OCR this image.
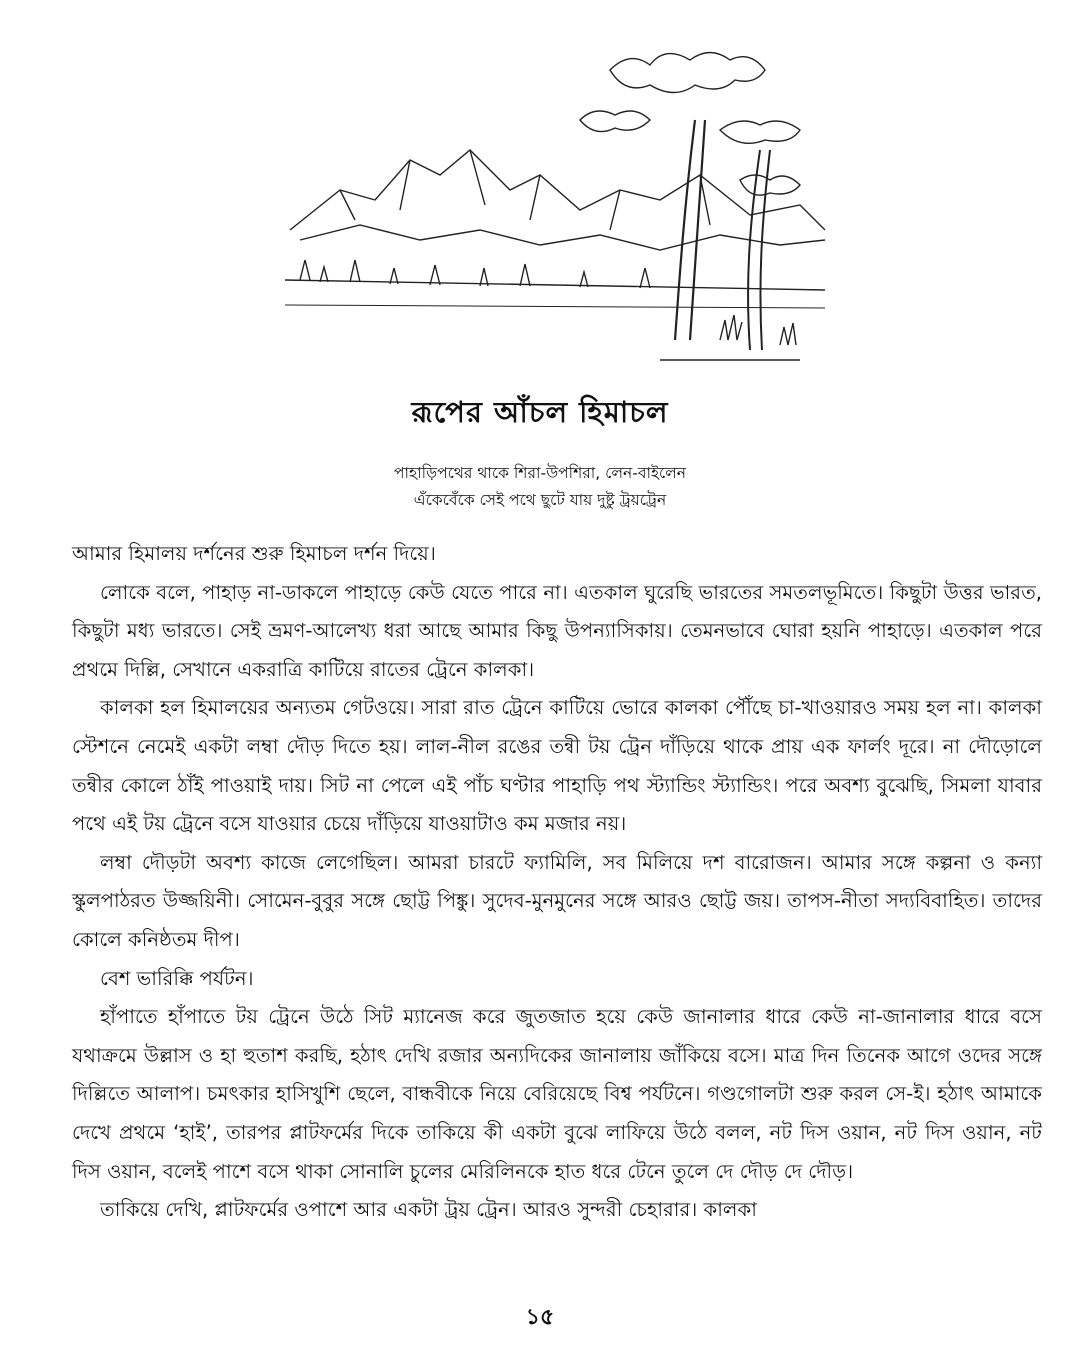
রূপের আঁচল হিমাচল
পাহাড়িপথের থাকে শিরা-উপশিরা, লেন-বাইলেন
এঁকেবেঁকে সেই পথে ছুটে যায় দুষ্টু ট্রয়ট্রেন

আমার হিমালয় দর্শনের শুরু হিমাচল দর্শন দিয়ে।

লোকে বলে, পাহাড় না-ডাকলে পাহাড়ে কেউ যেতে পারে না। এতকাল ঘুরেছি ভারতের সমতলভূমিতে। কিছুটা উত্তর ভারত, কিছুটা মধ্য ভারতে। সেই ভ্রমণ-আলেখ্য ধরা আছে আমার কিছু উপন্যাসিকায়। তেমনভাবে ঘোরা হয়নি পাহাড়ে। এতকাল পরে প্রথমে দিল্লি, সেখানে একরাত্রি কাটিয়ে রাতের ট্রেনে কালকা।

কালকা হল হিমালয়ের অন্যতম গেটওয়ে। সারা রাত ট্রেনে কাটিয়ে ভোরে কালকা পৌঁছে চা-খাওয়ারও সময় হল না। কালকা স্টেশনে নেমেই একটা লম্বা দৌড় দিতে হয়। লাল-নীল রঙের তন্বী টয় ট্রেন দাঁড়িয়ে থাকে প্রায় এক ফার্লং দূরে। না দৌড়োলে তন্বীর কোলে ঠাঁই পাওয়াই দায়। সিট না পেলে এই পাঁচ ঘণ্টার পাহাড়ি পথ স্ট্যান্ডিং স্ট্যান্ডিং। পরে অবশ্য বুঝেছি, সিমলা যাবার পথে এই টয় ট্রেনে বসে যাওয়ার চেয়ে দাঁড়িয়ে যাওয়াটাও কম মজার নয়।

লম্বা দৌড়টা অবশ্য কাজে লেগেছিল। আমরা চারটে ফ্যামিলি, সব মিলিয়ে দশ বারোজন। আমার সঙ্গে কল্পনা ও কন্যা স্কুলপাঠরত উজ্জয়িনী। সোমেন-বুবুর সঙ্গে ছোট্ট পিঙ্কু। সুদেব-মুনমুনের সঙ্গে আরও ছোট্ট জয়। তাপস-নীতা সদ্যবিবাহিত। তাদের কোলে কনিষ্ঠতম দীপ।

বেশ ভারিক্কি পর্যটন।

হাঁপাতে হাঁপাতে টয় ট্রেনে উঠে সিট ম্যানেজ করে জুতজাত হয়ে কেউ জানালার ধারে কেউ না-জানালার ধারে বসে যথাক্রমে উল্লাস ও হা হুতাশ করছি, হঠাৎ দেখি রজার অন্যদিকের জানালায় জাঁকিয়ে বসে। মাত্র দিন তিনেক আগে ওদের সঙ্গে দিল্লিতে আলাপ। চমৎকার হাসিখুশি ছেলে, বান্ধবীকে নিয়ে বেরিয়েছে বিশ্ব পর্যটনে। গণ্ডগোলটা শুরু করল সে-ই। হঠাৎ আমাকে দেখে প্রথমে ‘হাই’, তারপর প্লাটফর্মের দিকে তাকিয়ে কী একটা বুঝে লাফিয়ে উঠে বলল, নট দিস ওয়ান, নট দিস ওয়ান, নট দিস ওয়ান, বলেই পাশে বসে থাকা সোনালি চুলের মেরিলিনকে হাত ধরে টেনে তুলে দে দৌড় দে দৌড়।

তাকিয়ে দেখি, প্লাটফর্মের ওপাশে আর একটা ট্রয় ট্রেন। আরও সুন্দরী চেহারার। কালকা

১৫
